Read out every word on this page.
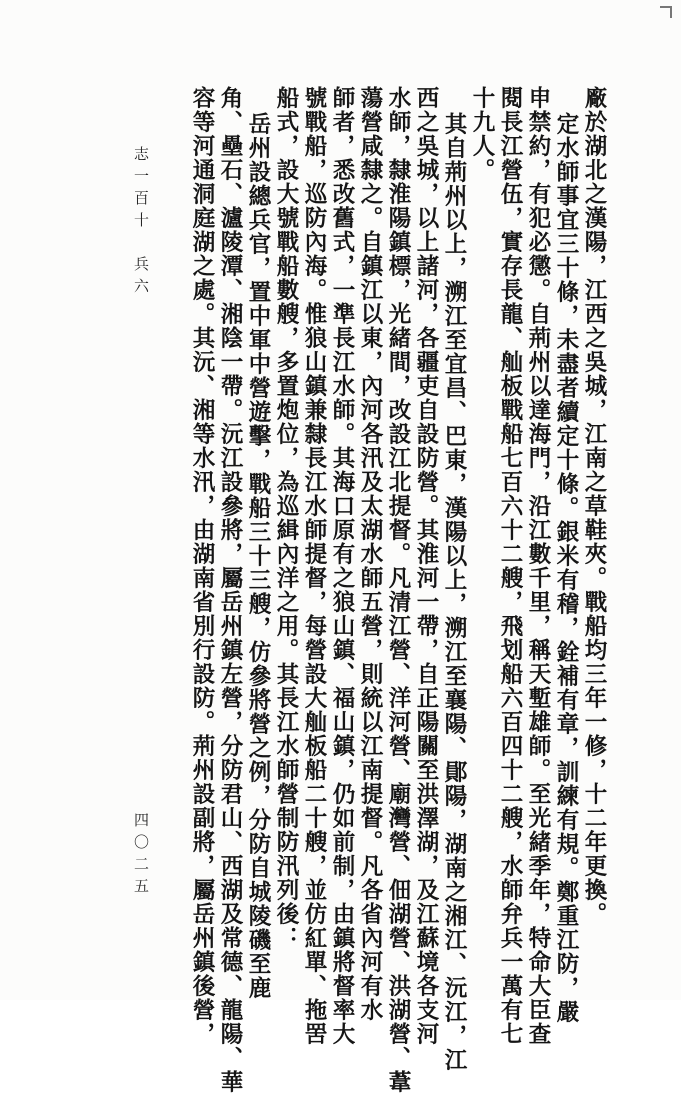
廠於湖北之漢陽，江西之吳城，江南之草鞋夾。戰船均三年一修，十二年更換。
定水師事宜三十條，未盡者續定十條。銀米有稽，銓補有章，訓練有規。鄭重江防，嚴
申禁約，有犯必懲。自荊州以達海門，沿江數千里，稱天塹雄師。至光緒季年，特命大臣查
閱長江營伍，實存長龍、舢板戰船七百六十二艘，飛划船六百四十二艘，水師弁兵一萬有七
十九人。
其自荊州以上，溯江至宜昌、巴東，漢陽以上，溯江至襄陽、鄖陽，湖南之湘江、沅江，江
西之吳城，以上諸河，各疆吏自設防營。其淮河一帶，自正陽關至洪澤湖，及江蘇境各支河
水師，隸淮陽鎮標，光緒間，改設江北提督。凡清江營、洋河營、廟灣營、佃湖營、洪湖營、葦
蕩營咸隸之。自鎮江以東，內河各汛及太湖水師五營，則統以江南提督。凡各省內河有水
師者，悉改舊式，一準長江水師。其海口原有之狼山鎮、福山鎮，仍如前制，由鎮將督率大
號戰船，巡防內海。惟狼山鎮兼隸長江水師提督，每營設大舢板船二十艘，並仿紅單、拖罟
船式，設大號戰船數艘，多置炮位，為巡緝內洋之用。其長江水師營制防汛列後：
岳州設總兵官，置中軍中營遊擊，戰船三十三艘，仿參將營之例，分防自城陵磯至鹿
角、壘石、瀘陵潭、湘陰一帶。沅江設參將，屬岳州鎮左營，分防君山、西湖及常德、龍陽、華
容等河通洞庭湖之處。其沅、湘等水汛，由湖南省別行設防。荊州設副將，屬岳州鎮後營，
志一百十　兵六
四〇二五
